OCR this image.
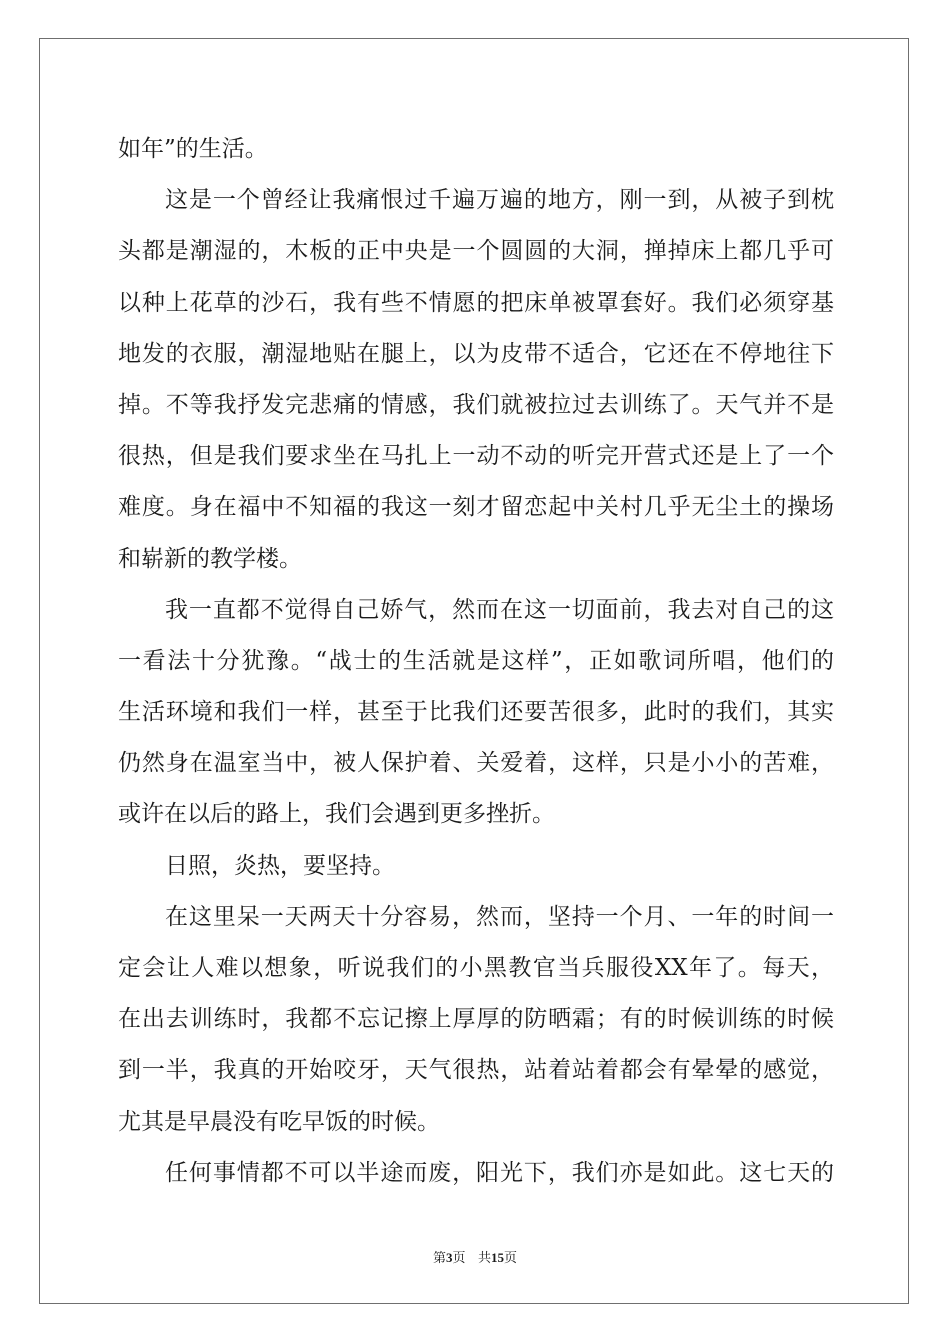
如年”的生活。
这是一个曾经让我痛恨过千遍万遍的地方，刚一到，从被子到枕
头都是潮湿的，木板的正中央是一个圆圆的大洞，掸掉床上都几乎可
以种上花草的沙石，我有些不情愿的把床单被罩套好。我们必须穿基
地发的衣服，潮湿地贴在腿上，以为皮带不适合，它还在不停地往下
掉。不等我抒发完悲痛的情感，我们就被拉过去训练了。天气并不是
很热，但是我们要求坐在马扎上一动不动的听完开营式还是上了一个
难度。身在福中不知福的我这一刻才留恋起中关村几乎无尘土的操场
和崭新的教学楼。
我一直都不觉得自己娇气，然而在这一切面前，我去对自己的这
一看法十分犹豫。“战士的生活就是这样”，正如歌词所唱，他们的
生活环境和我们一样，甚至于比我们还要苦很多，此时的我们，其实
仍然身在温室当中，被人保护着、关爱着，这样，只是小小的苦难，
或许在以后的路上，我们会遇到更多挫折。
日照，炎热，要坚持。
在这里呆一天两天十分容易，然而，坚持一个月、一年的时间一
定会让人难以想象，听说我们的小黑教官当兵服役XX年了。每天，
在出去训练时，我都不忘记擦上厚厚的防晒霜；有的时候训练的时候
到一半，我真的开始咬牙，天气很热，站着站着都会有晕晕的感觉，
尤其是早晨没有吃早饭的时候。
任何事情都不可以半途而废，阳光下，我们亦是如此。这七天的
第3页   共15页
